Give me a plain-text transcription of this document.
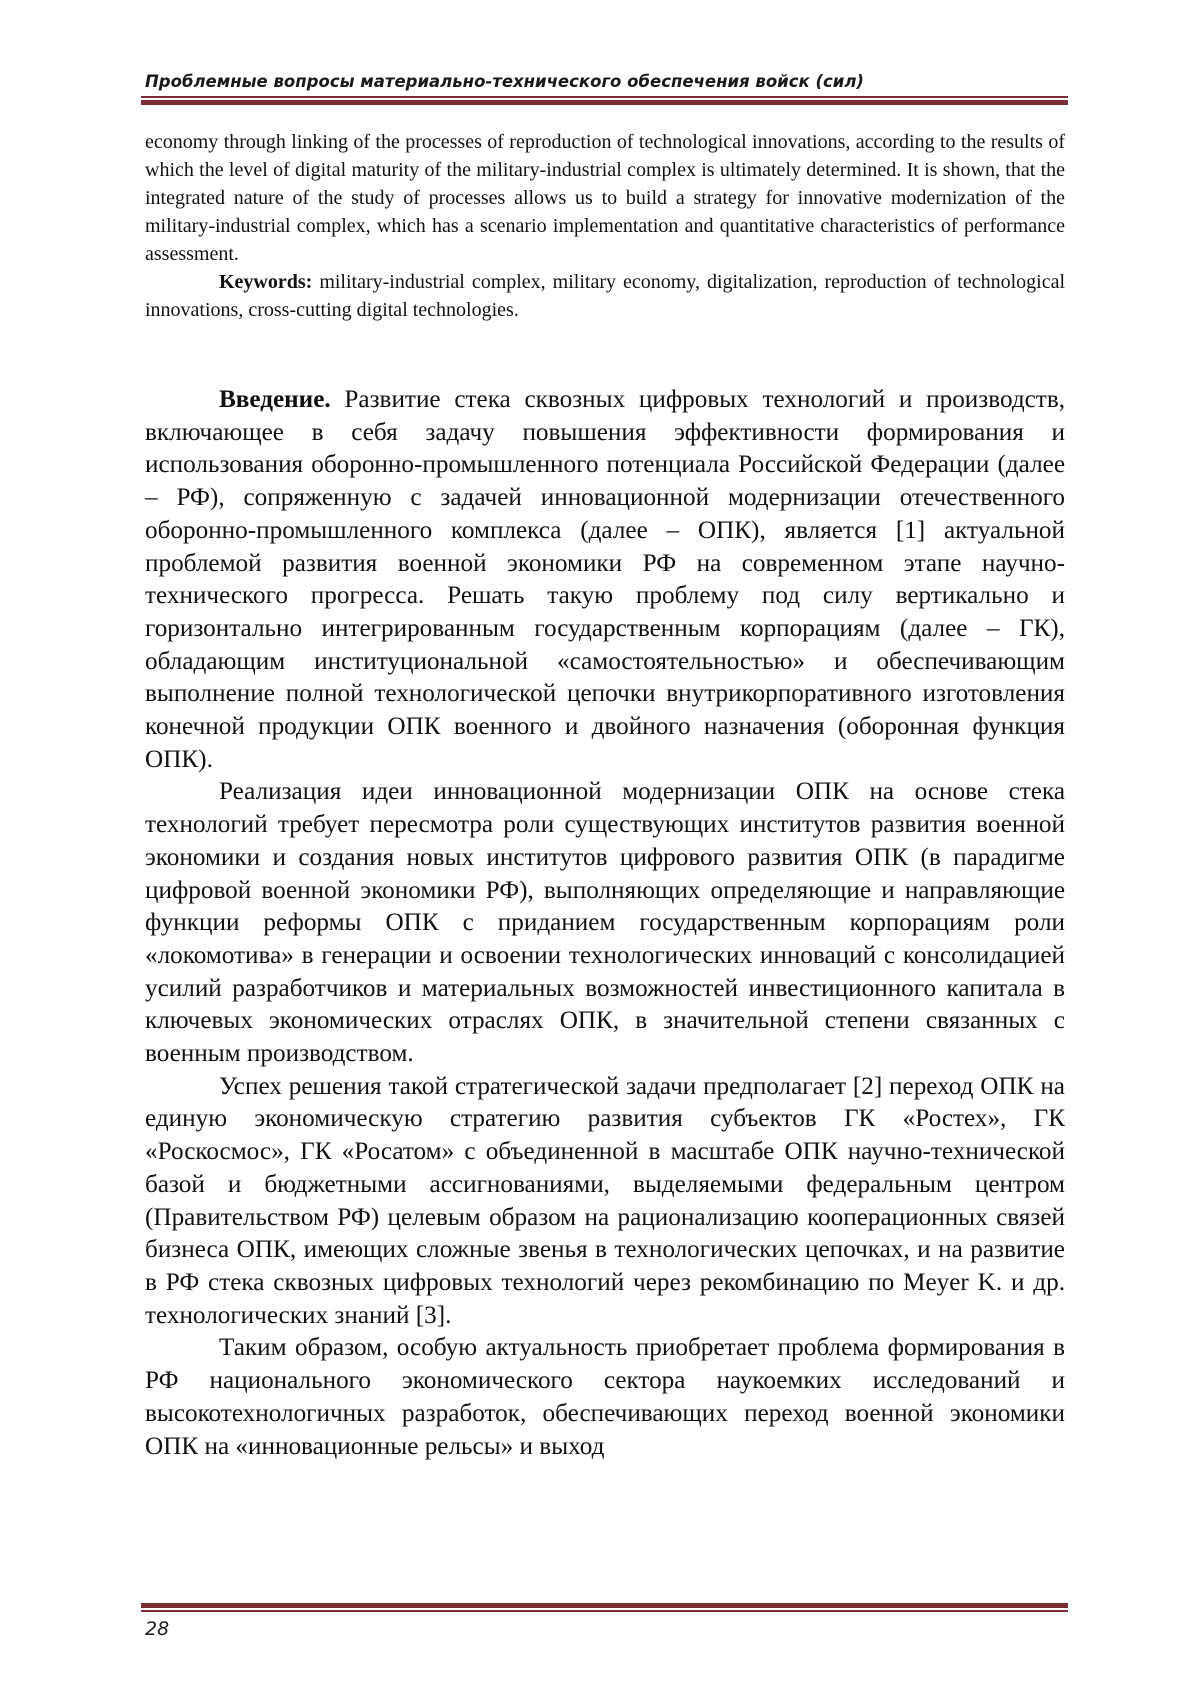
Проблемные вопросы материально-технического обеспечения войск (сил)

economy through linking of the processes of reproduction of technological innovations, according to the results of which the level of digital maturity of the military-industrial complex is ultimately determined. It is shown, that the integrated nature of the study of processes allows us to build a strategy for innovative modernization of the military-industrial complex, which has a scenario implementation and quantitative characteristics of performance assessment.

Keywords: military-industrial complex, military economy, digitalization, reproduction of technological innovations, cross-cutting digital technologies.

Введение. Развитие стека сквозных цифровых технологий и производств, включающее в себя задачу повышения эффективности формирования и использования оборонно-промышленного потенциала Российской Федерации (далее – РФ), сопряженную с задачей инновационной модернизации отечественного оборонно-промышленного комплекса (далее – ОПК), является [1] актуальной проблемой развития военной экономики РФ на современном этапе научно-технического прогресса. Решать такую проблему под силу вертикально и горизонтально интегрированным государственным корпорациям (далее – ГК), обладающим институциональной «самостоятельностью» и обеспечивающим выполнение полной технологической цепочки внутрикорпоративного изготовления конечной продукции ОПК военного и двойного назначения (оборонная функция ОПК).

Реализация идеи инновационной модернизации ОПК на основе стека технологий требует пересмотра роли существующих институтов развития военной экономики и создания новых институтов цифрового развития ОПК (в парадигме цифровой военной экономики РФ), выполняющих определяющие и направляющие функции реформы ОПК с приданием государственным корпорациям роли «локомотива» в генерации и освоении технологических инноваций с консолидацией усилий разработчиков и материальных возможностей инвестиционного капитала в ключевых экономических отраслях ОПК, в значительной степени связанных с военным производством.

Успех решения такой стратегической задачи предполагает [2] переход ОПК на единую экономическую стратегию развития субъектов ГК «Ростех», ГК «Роскосмос», ГК «Росатом» с объединенной в масштабе ОПК научно-технической базой и бюджетными ассигнованиями, выделяемыми федеральным центром (Правительством РФ) целевым образом на рационализацию кооперационных связей бизнеса ОПК, имеющих сложные звенья в технологических цепочках, и на развитие в РФ стека сквозных цифровых технологий через рекомбинацию по Meyer K. и др. технологических знаний [3].

Таким образом, особую актуальность приобретает проблема формирования в РФ национального экономического сектора наукоемких исследований и высокотехнологичных разработок, обеспечивающих переход военной экономики ОПК на «инновационные рельсы» и выход

28
